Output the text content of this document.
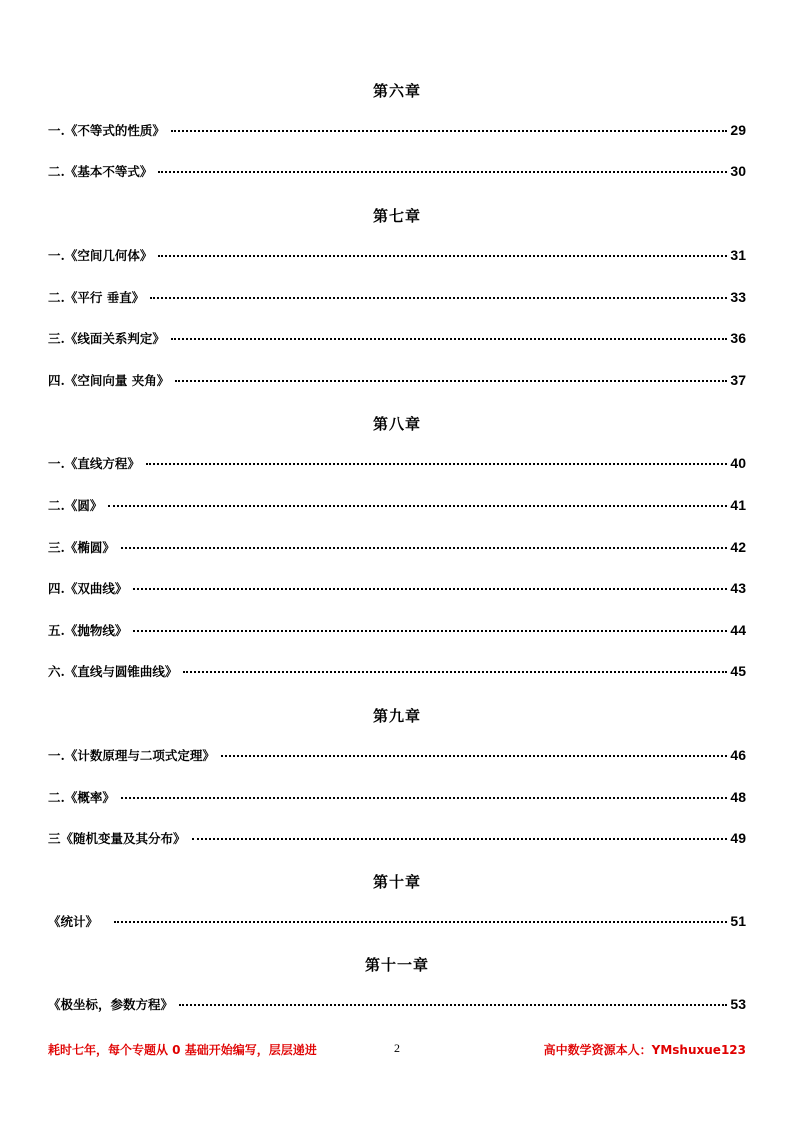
第六章
一.《不等式的性质》	29
二.《基本不等式》	30
第七章
一.《空间几何体》	31
二.《平行 垂直》	33
三.《线面关系判定》	36
四.《空间向量 夹角》	37
第八章
一.《直线方程》	40
二.《圆》	41
三.《椭圆》	42
四.《双曲线》	43
五.《抛物线》	44
六.《直线与圆锥曲线》	45
第九章
一.《计数原理与二项式定理》	46
二.《概率》	48
三《随机变量及其分布》	49
第十章
《统计》	51
第十一章
《极坐标，参数方程》	53
耗时七年，每个专题从 0 基础开始编写，层层递进	2	高中数学资源本人：YMshuxue123
